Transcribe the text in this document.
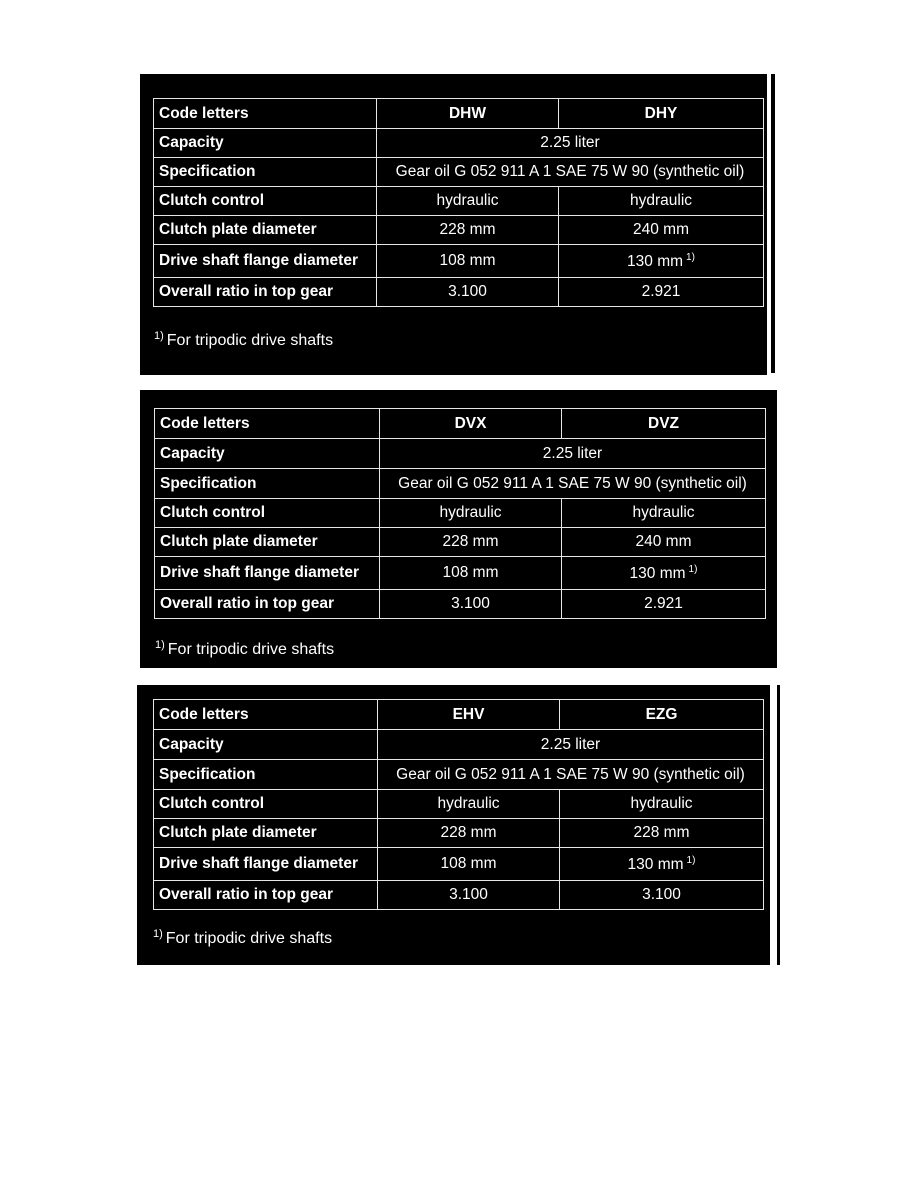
Code letters	DHW	DHY
Capacity	2.25 liter	
Specification	Gear oil G 052 911 A 1 SAE 75 W 90 (synthetic oil)	
Clutch control	hydraulic	hydraulic
Clutch plate diameter	228 mm	240 mm
Drive shaft flange diameter	108 mm	130 mm $^{1)}$
Overall ratio in top gear	3.100	2.921
$^{1)}$ For tripodic drive shafts
Code letters	DVX	DVZ
Capacity	2.25 liter	
Specification	Gear oil G 052 911 A 1 SAE 75 W 90 (synthetic oil)	
Clutch control	hydraulic	hydraulic
Clutch plate diameter	228 mm	240 mm
Drive shaft flange diameter	108 mm	130 mm $^{1)}$
Overall ratio in top gear	3.100	2.921
$^{1)}$ For tripodic drive shafts
Code letters	EHV	EZG
Capacity	2.25 liter	
Specification	Gear oil G 052 911 A 1 SAE 75 W 90 (synthetic oil)	
Clutch control	hydraulic	hydraulic
Clutch plate diameter	228 mm	228 mm
Drive shaft flange diameter	108 mm	130 mm $^{1)}$
Overall ratio in top gear	3.100	3.100
$^{1)}$ For tripodic drive shafts
